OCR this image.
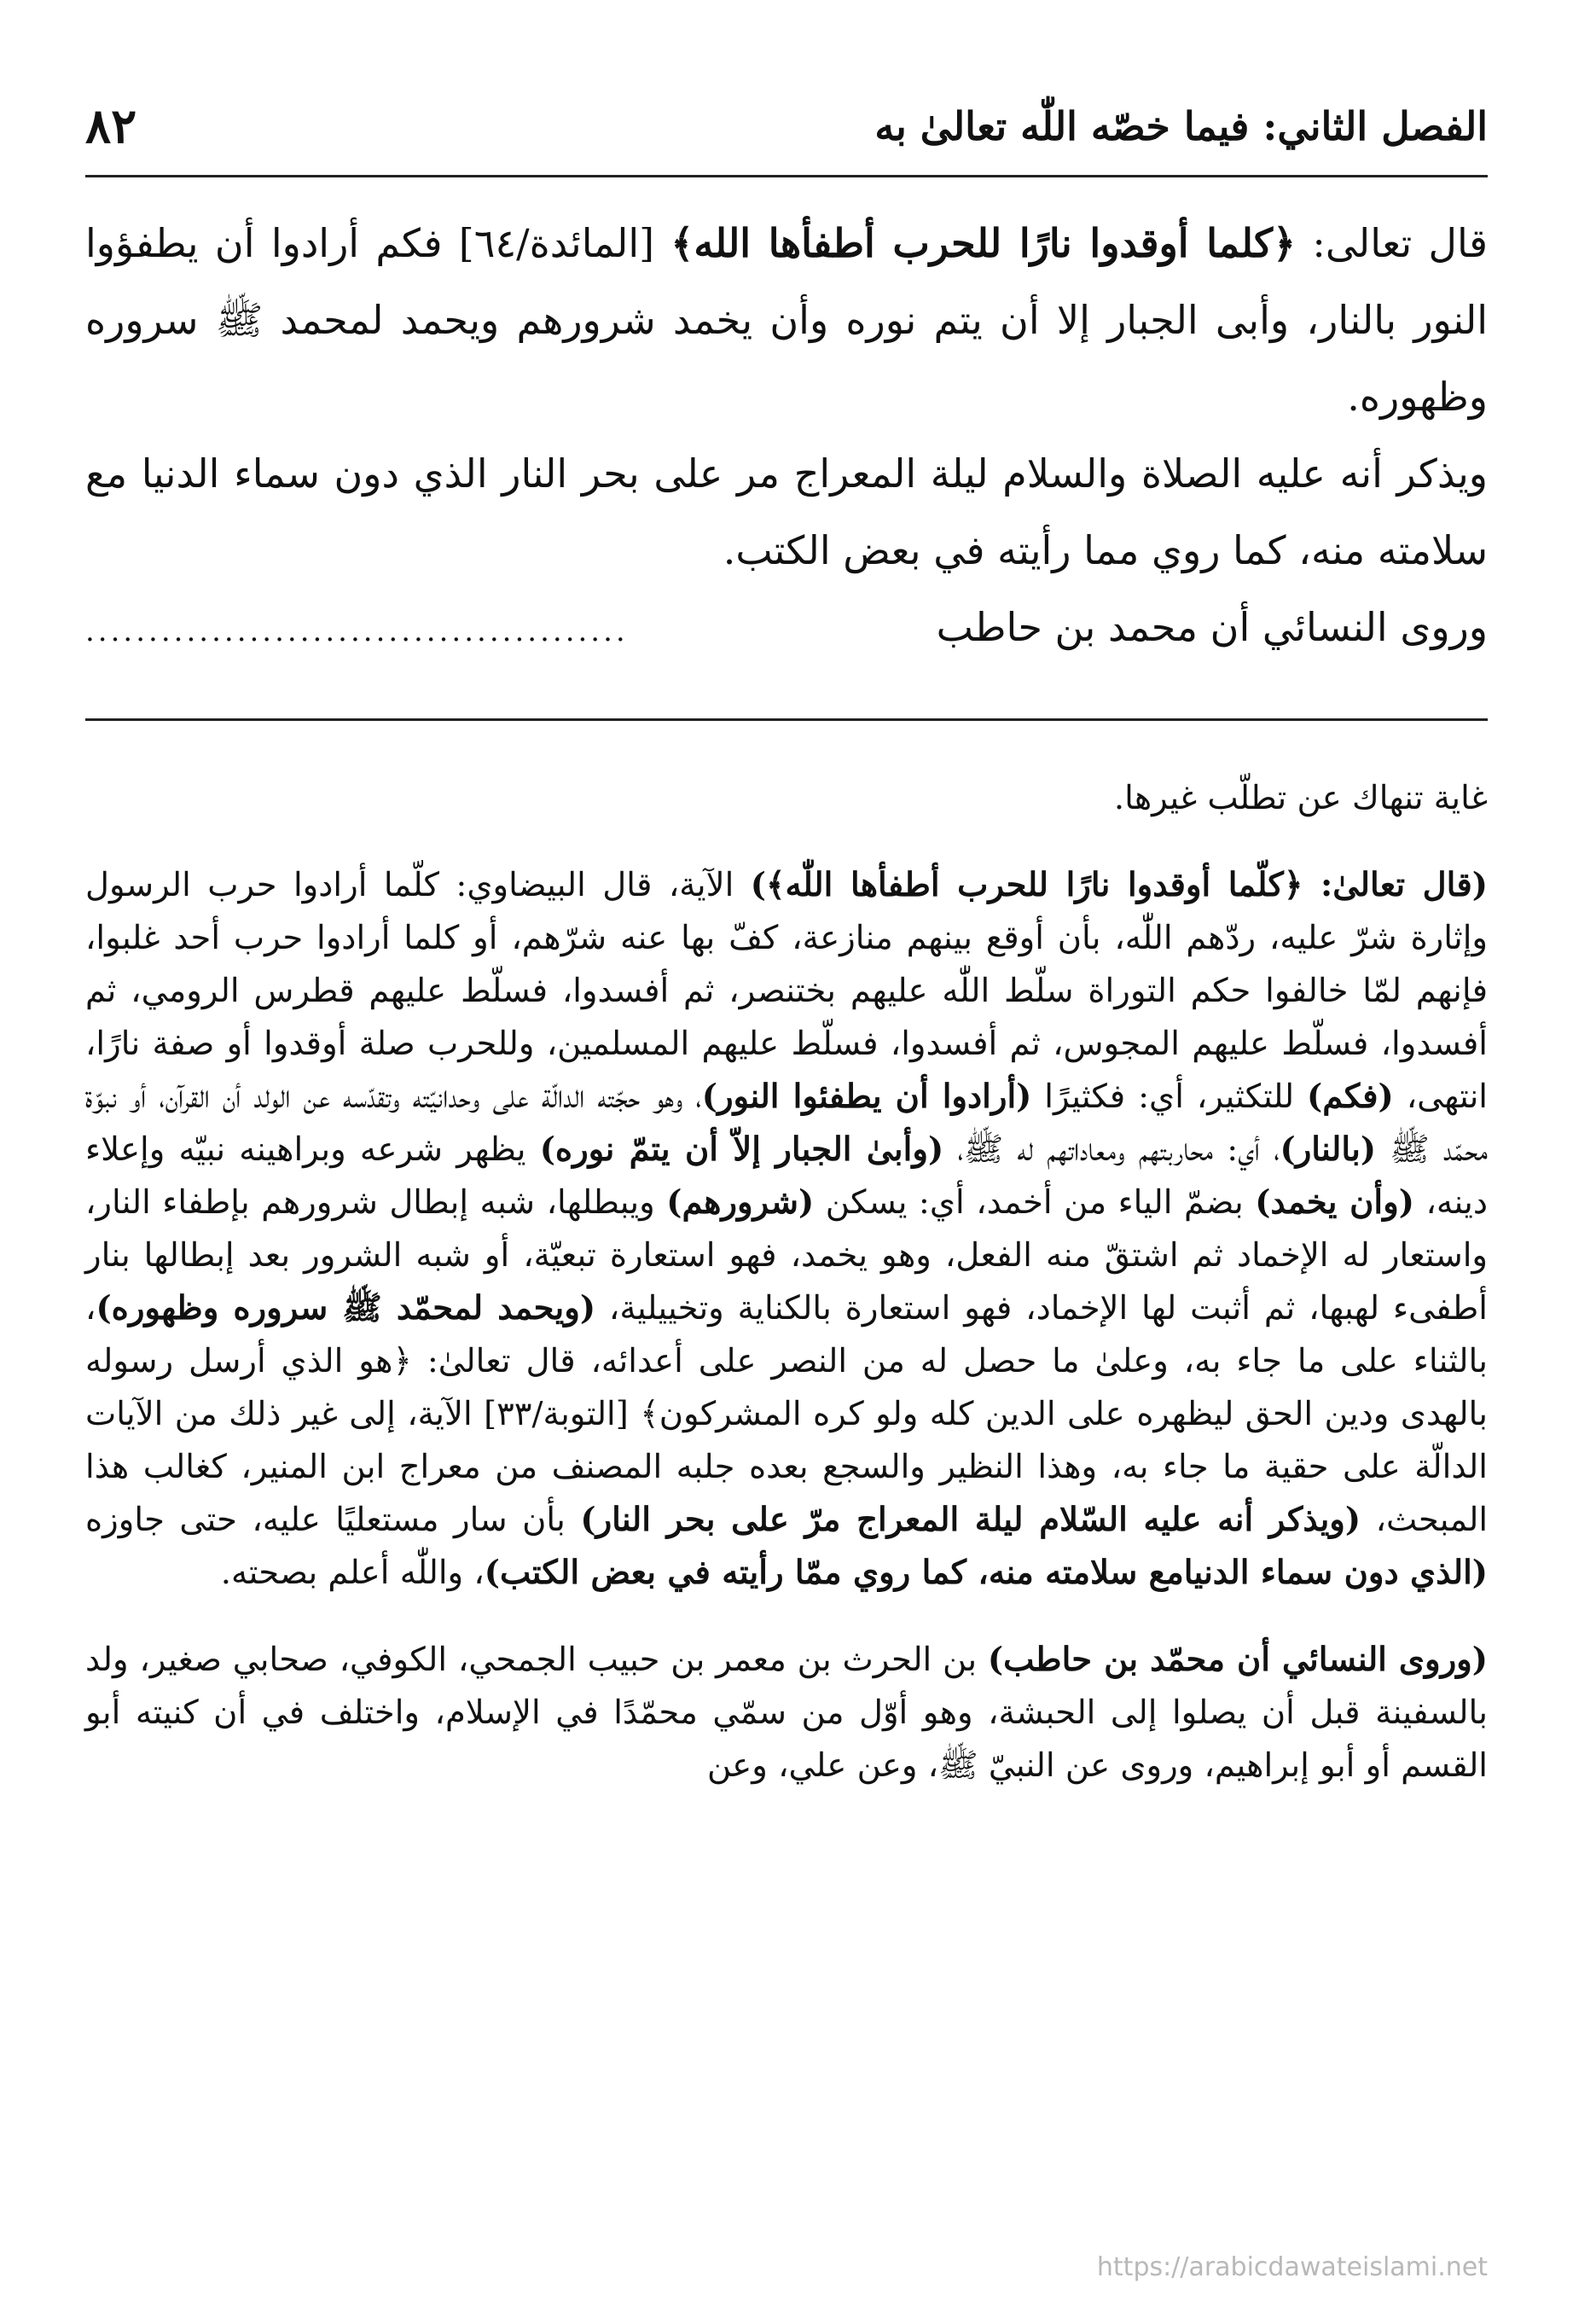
الفصل الثاني: فيما خصّه اللّٰه تعالىٰ به
٨٢

قال تعالى: ﴿كلما أوقدوا نارًا للحرب أطفأها الله﴾ [المائدة/٦٤] فكم أرادوا أن يطفؤوا النور بالنار، وأبى الجبار إلا أن يتم نوره وأن يخمد شرورهم ويحمد لمحمد ﷺ سروره وظهوره.

ويذكر أنه عليه الصلاة والسلام ليلة المعراج مر على بحر النار الذي دون سماء الدنيا مع سلامته منه، كما روي مما رأيته في بعض الكتب.

وروى النسائي أن محمد بن حاطب
...........................................

غاية تنهاك عن تطلّب غيرها.

(قال تعالىٰ: ﴿كلّما أوقدوا نارًا للحرب أطفأها اللّٰه﴾) الآية، قال البيضاوي: كلّما أرادوا حرب الرسول وإثارة شرّ عليه، ردّهم اللّٰه، بأن أوقع بينهم منازعة، كفّ بها عنه شرّهم، أو كلما أرادوا حرب أحد غلبوا، فإنهم لمّا خالفوا حكم التوراة سلّط اللّٰه عليهم بختنصر، ثم أفسدوا، فسلّط عليهم قطرس الرومي، ثم أفسدوا، فسلّط عليهم المجوس، ثم أفسدوا، فسلّط عليهم المسلمين، وللحرب صلة أوقدوا أو صفة نارًا، انتهى، (فكم) للتكثير، أي: فكثيرًا (أرادوا أن يطفئوا النور)، وهو حجّته الدالّة على وحدانيّته وتقدّسه عن الولد أن القرآن، أو نبوّة محمّد ﷺ (بالنار)، أي: محاربتهم ومعاداتهم له ﷺ، (وأبىٰ الجبار إلاّ أن يتمّ نوره) يظهر شرعه وبراهينه نبيّه وإعلاء دينه، (وأن يخمد) بضمّ الياء من أخمد، أي: يسكن (شرورهم) ويبطلها، شبه إبطال شرورهم بإطفاء النار، واستعار له الإخماد ثم اشتقّ منه الفعل، وهو يخمد، فهو استعارة تبعيّة، أو شبه الشرور بعد إبطالها بنار أطفىء لهبها، ثم أثبت لها الإخماد، فهو استعارة بالكناية وتخييلية، (ويحمد لمحمّد ﷺ سروره وظهوره)، بالثناء على ما جاء به، وعلىٰ ما حصل له من النصر على أعدائه، قال تعالىٰ: ﴿هو الذي أرسل رسوله بالهدى ودين الحق ليظهره على الدين كله ولو كره المشركون﴾ [التوبة/٣٣] الآية، إلى غير ذلك من الآيات الدالّة على حقية ما جاء به، وهذا النظير والسجع بعده جلبه المصنف من معراج ابن المنير، كغالب هذا المبحث، (ويذكر أنه عليه السّلام ليلة المعراج مرّ على بحر النار) بأن سار مستعليًا عليه، حتى جاوزه (الذي دون سماء الدنيامع سلامته منه، كما روي ممّا رأيته في بعض الكتب)، واللّٰه أعلم بصحته.

(وروى النسائي أن محمّد بن حاطب) بن الحرث بن معمر بن حبيب الجمحي، الكوفي، صحابي صغير، ولد بالسفينة قبل أن يصلوا إلى الحبشة، وهو أوّل من سمّي محمّدًا في الإسلام، واختلف في أن كنيته أبو القسم أو أبو إبراهيم، وروى عن النبيّ ﷺ، وعن علي، وعن

https://arabicdawateislami.net
